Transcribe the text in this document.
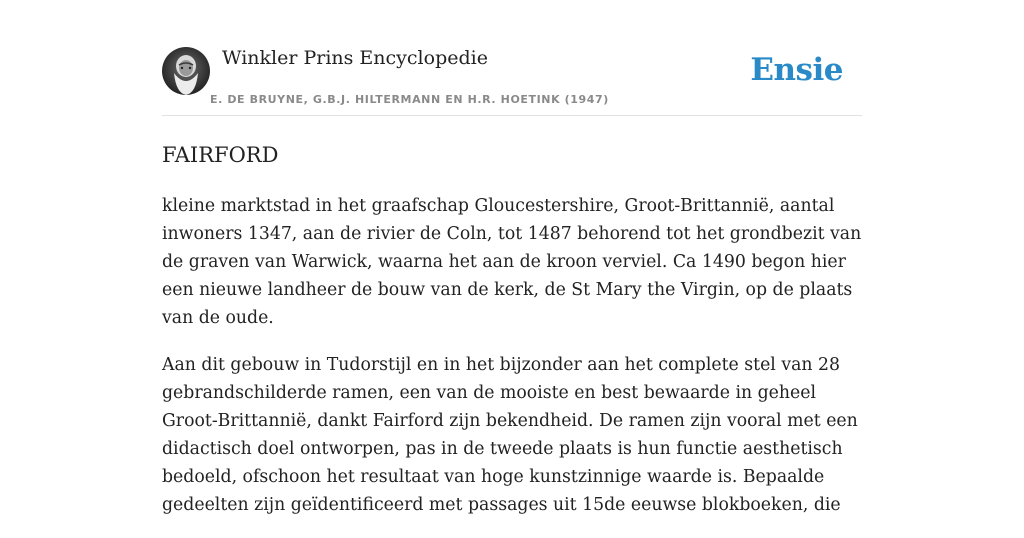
Winkler Prins Encyclopedie
E. DE BRUYNE, G.B.J. HILTERMANN EN H.R. HOETINK (1947)
Ensie
FAIRFORD

kleine marktstad in het graafschap Gloucestershire, Groot-Brittannië, aantal inwoners 1347, aan de rivier de Coln, tot 1487 behorend tot het grondbezit van de graven van Warwick, waarna het aan de kroon verviel. Ca 1490 begon hier een nieuwe landheer de bouw van de kerk, de St Mary the Virgin, op de plaats van de oude.

Aan dit gebouw in Tudorstijl en in het bijzonder aan het complete stel van 28 gebrandschilderde ramen, een van de mooiste en best bewaarde in geheel Groot-Brittannië, dankt Fairford zijn bekendheid. De ramen zijn vooral met een didactisch doel ontworpen, pas in de tweede plaats is hun functie aesthetisch bedoeld, ofschoon het resultaat van hoge kunstzinnige waarde is. Bepaalde gedeelten zijn geïdentificeerd met passages uit 15de eeuwse blokboeken, die
